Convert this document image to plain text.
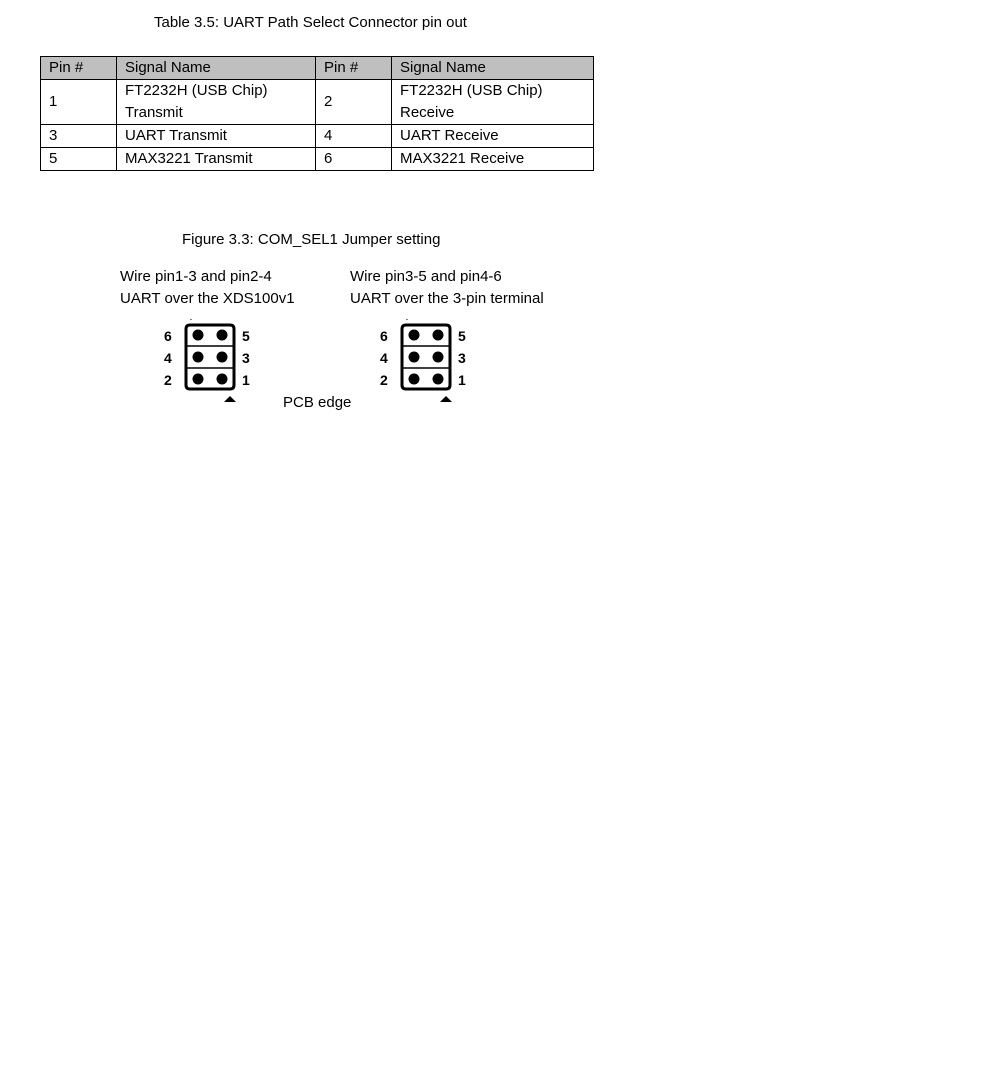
Table 3.5: UART Path Select Connector pin out
Pin #	Signal Name	Pin #	Signal Name
1	FT2232H (USB Chip) Transmit	2	FT2232H (USB Chip) Receive
3	UART Transmit	4	UART Receive
5	MAX3221 Transmit	6	MAX3221 Receive
Figure 3.3: COM_SEL1 Jumper setting
Wire pin1-3 and pin2-4
UART over the XDS100v1
Wire pin3-5 and pin4-6
UART over the 3-pin terminal
6
4
2
5
3
1
6
4
2
5
3
1
PCB edge
